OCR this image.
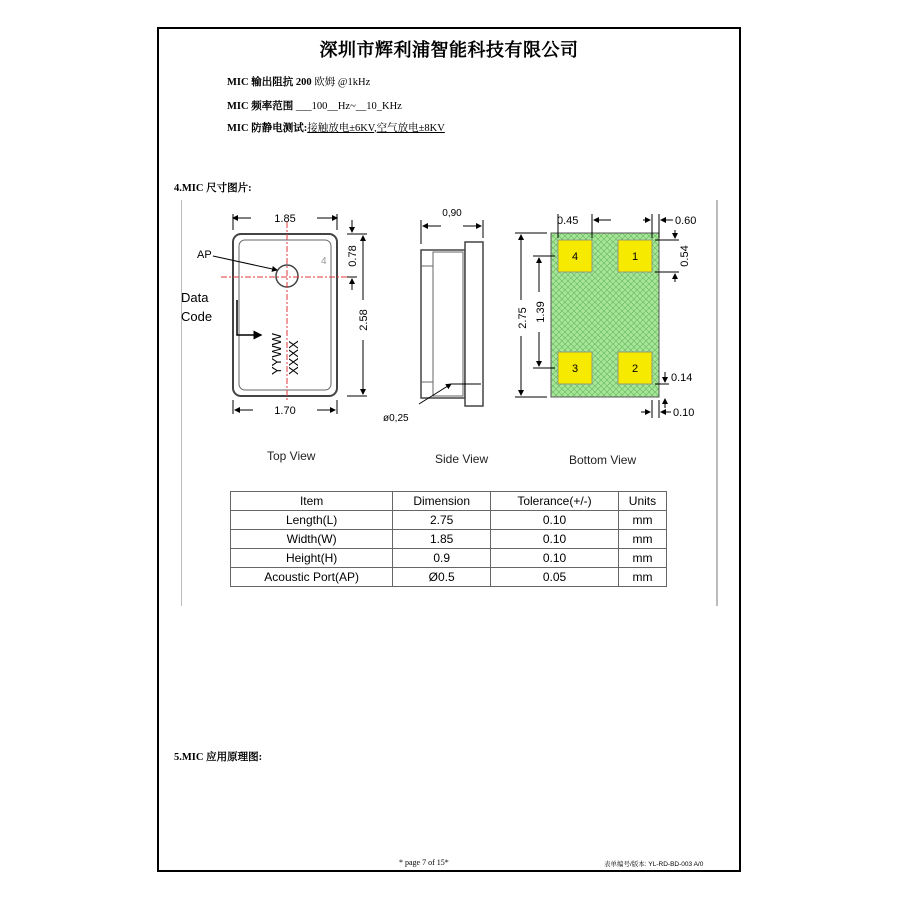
深圳市辉利浦智能科技有限公司
MIC 输出阻抗 200 欧姆 @1kHz
MIC 频率范围 ___100__Hz~__10_KHz
MIC 防静电测试:接触放电±6KV,空气放电±8KV
4.MIC 尺寸图片:
1.85
1.70
2.58
0.78
AP
4
Data
Code
YYWW XXXX
0,90
ø0,25
4	1
3	2
0.45	0.60
0.54
2.75 1.39
0.14
0.10
Top View	Side View	Bottom View
Item	Dimension	Tolerance(+/-)	Units
Length(L)	2.75	0.10	mm
Width(W)	1.85	0.10	mm
Height(H)	0.9	0.10	mm
Acoustic Port(AP)	Ø0.5	0.05	mm
5.MIC 应用原理图:
* page 7 of 15*	表单编号/版本: YL-RD-BD-003 A/0
